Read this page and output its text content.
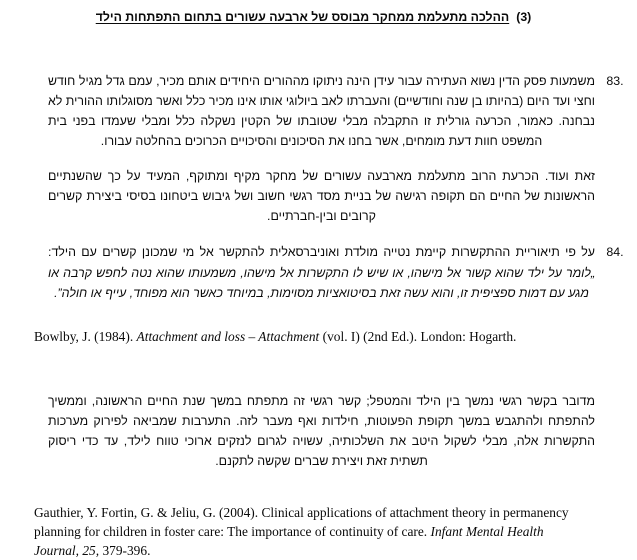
(3)ההלכה מתעלמת ממחקר מבוסס של ארבעה עשורים בתחום התפתחות הילד
83.
משמעות פסק הדין נשוא העתירה עבור עידן הינה ניתוקו מההורים היחידים אותם מכיר, עמם גדל מגיל חודש וחצי ועד היום (בהיותו בן שנה וחודשיים) והעברתו לאב ביולוגי אותו אינו מכיר כלל ואשר מסוגלותו ההורית לא נבחנה. כאמור, הכרעה גורלית זו התקבלה מבלי שטובתו של הקטין נשקלה כלל ומבלי שעמדו בפני בית המשפט חוות דעת מומחים, אשר בחנו את הסיכונים והסיכויים הכרוכים בהחלטה עבורו.
זאת ועוד. הכרעת הרוב מתעלמת מארבעה עשורים של מחקר מקיף ומתוקף, המעיד על כך שהשנתיים הראשונות של החיים הם תקופה רגישה של בניית מסד רגשי חשוב ושל גיבוש ביטחונו בסיסי ביצירת קשרים קרובים ובין-חברתיים.
84.
על פי תיאוריית ההתקשרות קיימת נטייה מולדת ואוניברסאלית להתקשר אל מי שמכונן קשרים עם הילד: „לומר על ילד שהוא קשור אל מישהו, או שיש לו התקשרות אל מישהו, משמעותו שהוא נטה לחפש קרבה או מגע עם דמות ספציפית זו, והוא עשה זאת בסיטואציות מסוימות, במיוחד כאשר הוא מפוחד, עייף או חולה”.
Bowlby, J. (1984). Attachment and loss – Attachment (vol. I) (2nd Ed.). London: Hogarth.
מדובר בקשר רגשי נמשך בין הילד והמטפל; קשר רגשי זה מתפתח במשך שנת החיים הראשונה, וממשיך להתפתח ולהתגבש במשך תקופת הפעוטות, חילדות ואף מעבר לזה. התערבות שמביאה לפירוק מערכות התקשרות אלה, מבלי לשקול היטב את השלכותיה, עשויה לגרום לנזקים ארוכי טווח לילד, עד כדי ריסוק תשתית זאת ויצירת שברים שקשה לתקנם.
Gauthier, Y. Fortin, G. & Jeliu, G. (2004). Clinical applications of attachment theory in permanency planning for children in foster care: The importance of continuity of care. Infant Mental Health Journal, 25, 379-396.
